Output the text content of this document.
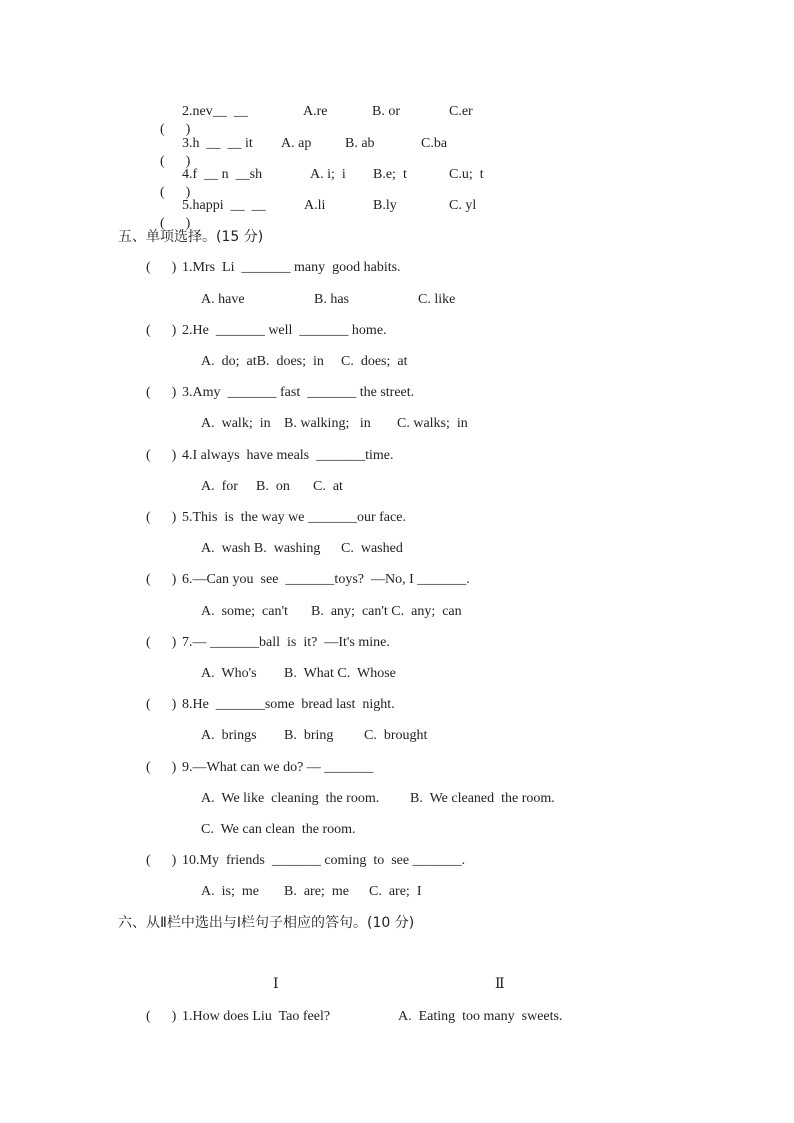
(      )

2.nev__  __	A.re	B. or	C.er

(      )

3.h  __  __ it A. ap B. ab	C.ba

(      )

4.f  __ n  __sh	A. i;  i B.e;  t	C.u;  t

(      )

5.happi  __  __	A.li	B.ly	C. yl
五、单项选择。(15 分)
(      ) 1.Mrs  Li  _______ many  good habits.
A. have	B. has	C. like
(      ) 2.He  _______ well  _______ home.
A.  do;  atB.  does;  in C.  does;  at
(      ) 3.Amy  _______ fast  _______ the street.
A.  walk;  in B. walking;   in C. walks;  in
(      ) 4.I always  have meals  _______time.
A.  for B.  on C.  at
(      ) 5.This  is  the way we _______our face.
A.  wash B.  washing C.  washed
(      ) 6.—Can you  see  _______toys?  —No, I _______.
A.  some;  can't B.  any;  can't C.  any;  can
(      ) 7.— _______ball  is  it?  —It's mine.
A.  Who's B.  What C.  Whose
(      ) 8.He  _______some  bread last  night.
A.  brings B.  bring C.  brought
(      ) 9.—What can we do? — _______
A.  We like  cleaning  the room. B.  We cleaned  the room.
C.  We can clean  the room.
(      ) 10.My  friends  _______ coming  to  see _______.
A.  is;  me B.  are;  me C.  are;  I
六、从Ⅱ栏中选出与Ⅰ栏句子相应的答句。(10 分)
Ⅰ	Ⅱ
(      ) 1.How does Liu  Tao feel?	A.  Eating  too many  sweets.
